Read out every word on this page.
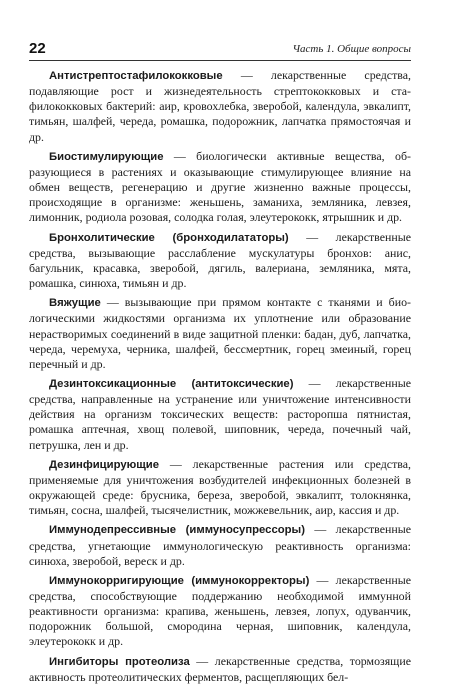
22	Часть 1. Общие вопросы

Антистрептостафилококковые — лекарственные средства, подавляющие рост и жизнедеятельность стрептококковых и стафилококковых бактерий: аир, кровохлебка, зверобой, календула, эвкалипт, тимьян, шалфей, череда, ромашка, подорожник, лапчатка прямостоячая и др.

Биостимулирующие — биологически активные вещества, образующиеся в растениях и оказывающие стимулирующее влияние на обмен веществ, регенерацию и другие жизненно важные процессы, происходящие в организме: женьшень, заманиха, земляника, левзея, лимонник, родиола розовая, солодка голая, элеутерококк, ятрышник и др.

Бронхолитические (бронходилататоры) — лекарственные средства, вызывающие расслабление мускулатуры бронхов: анис, багульник, красавка, зверобой, дягиль, валериана, земляника, мята, ромашка, синюха, тимьян и др.

Вяжущие — вызывающие при прямом контакте с тканями и биологическими жидкостями организма их уплотнение или образование нерастворимых соединений в виде защитной пленки: бадан, дуб, лапчатка, череда, черемуха, черника, шалфей, бессмертник, горец змеиный, горец перечный и др.

Дезинтоксикационные (антитоксические) — лекарственные средства, направленные на устранение или уничтожение интенсивности действия на организм токсических веществ: расторопша пятнистая, ромашка аптечная, хвощ полевой, шиповник, череда, почечный чай, петрушка, лен и др.

Дезинфицирующие — лекарственные растения или средства, применяемые для уничтожения возбудителей инфекционных болезней в окружающей среде: брусника, береза, зверобой, эвкалипт, толокнянка, тимьян, сосна, шалфей, тысячелистник, можжевельник, аир, кассия и др.

Иммунодепрессивные (иммуносупрессоры) — лекарственные средства, угнетающие иммунологическую реактивность организма: синюха, зверобой, вереск и др.

Иммунокорригирующие (иммунокорректоры) — лекарственные средства, способствующие поддержанию необходимой иммунной реактивности организма: крапива, женьшень, левзея, лопух, одуванчик, подорожник большой, смородина черная, шиповник, календула, элеутерококк и др.

Ингибиторы протеолиза — лекарственные средства, тормозящие активность протеолитических ферментов, расщепляющих бел-
